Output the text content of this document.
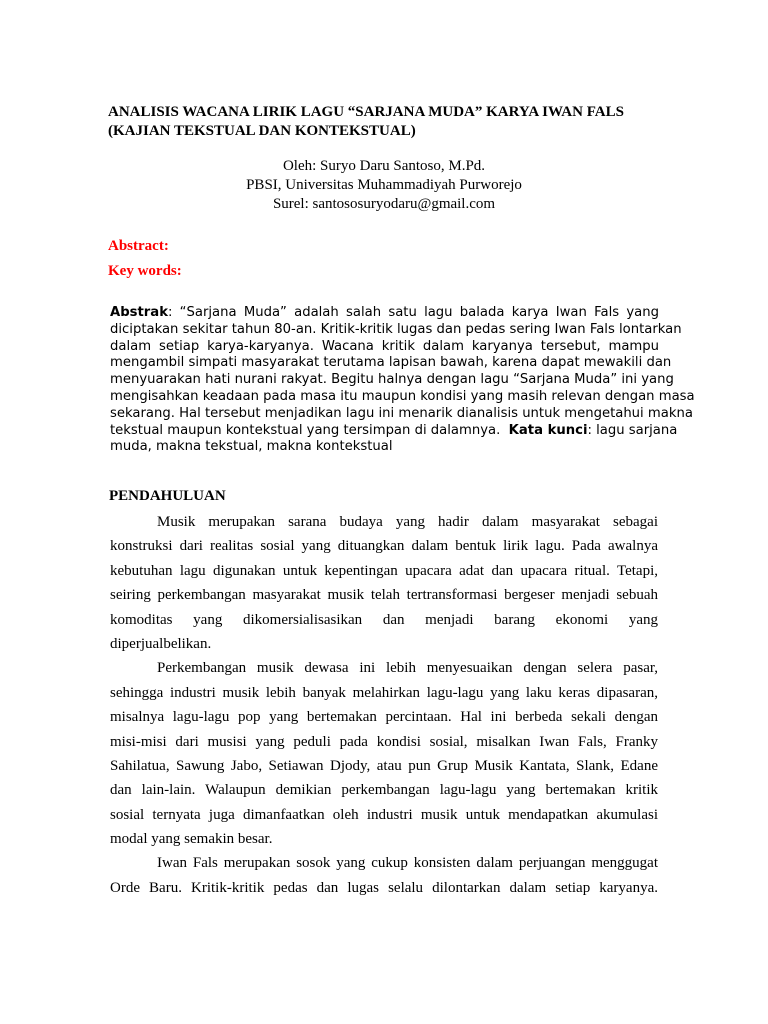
ANALISIS WACANA LIRIK LAGU “SARJANA MUDA” KARYA IWAN FALS
(KAJIAN TEKSTUAL DAN KONTEKSTUAL)
Oleh: Suryo Daru Santoso, M.Pd.
PBSI, Universitas Muhammadiyah Purworejo
Surel: santososuryodaru@gmail.com
Abstract:
Key words:
Abstrak: “Sarjana Muda” adalah salah satu lagu balada karya Iwan Fals yang
diciptakan sekitar tahun 80-an. Kritik-kritik lugas dan pedas sering Iwan Fals lontarkan
dalam setiap karya-karyanya. Wacana kritik dalam karyanya tersebut, mampu
mengambil simpati masyarakat terutama lapisan bawah, karena dapat mewakili dan
menyuarakan hati nurani rakyat. Begitu halnya dengan lagu “Sarjana Muda” ini yang
mengisahkan keadaan pada masa itu maupun kondisi yang masih relevan dengan masa
sekarang. Hal tersebut menjadikan lagu ini menarik dianalisis untuk mengetahui makna
tekstual maupun kontekstual yang tersimpan di dalamnya.  Kata kunci: lagu sarjana
muda, makna tekstual, makna kontekstual
PENDAHULUAN
Musik merupakan sarana budaya yang hadir dalam masyarakat sebagai
konstruksi dari realitas sosial yang dituangkan dalam bentuk lirik lagu. Pada awalnya
kebutuhan lagu digunakan untuk kepentingan upacara adat dan upacara ritual. Tetapi,
seiring perkembangan masyarakat musik telah tertransformasi bergeser menjadi sebuah
komoditas yang dikomersialisasikan dan menjadi barang ekonomi yang
diperjualbelikan.
Perkembangan musik dewasa ini lebih menyesuaikan dengan selera pasar,
sehingga industri musik lebih banyak melahirkan lagu-lagu yang laku keras dipasaran,
misalnya lagu-lagu pop yang bertemakan percintaan. Hal ini berbeda sekali dengan
misi-misi dari musisi yang peduli pada kondisi sosial, misalkan Iwan Fals, Franky
Sahilatua, Sawung Jabo, Setiawan Djody, atau pun Grup Musik Kantata, Slank, Edane
dan lain-lain. Walaupun demikian perkembangan lagu-lagu yang bertemakan kritik
sosial ternyata juga dimanfaatkan oleh industri musik untuk mendapatkan akumulasi
modal yang semakin besar.
Iwan Fals merupakan sosok yang cukup konsisten dalam perjuangan menggugat
Orde Baru. Kritik-kritik pedas dan lugas selalu dilontarkan dalam setiap karyanya.
